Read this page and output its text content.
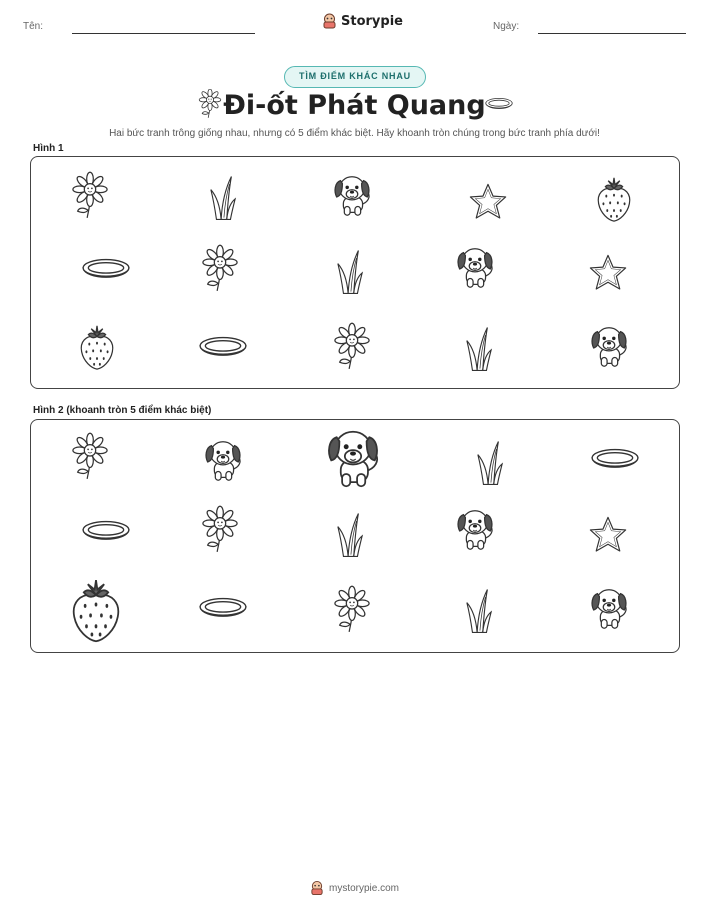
Tên:	Storypie	Ngày:
TÌM ĐIỂM KHÁC NHAU
Đi-ốt Phát Quang
Hai bức tranh trông giống nhau, nhưng có 5 điểm khác biệt. Hãy khoanh tròn chúng trong bức tranh phía dưới!
Hình 1
Hình 2 (khoanh tròn 5 điểm khác biệt)
mystorypie.com
